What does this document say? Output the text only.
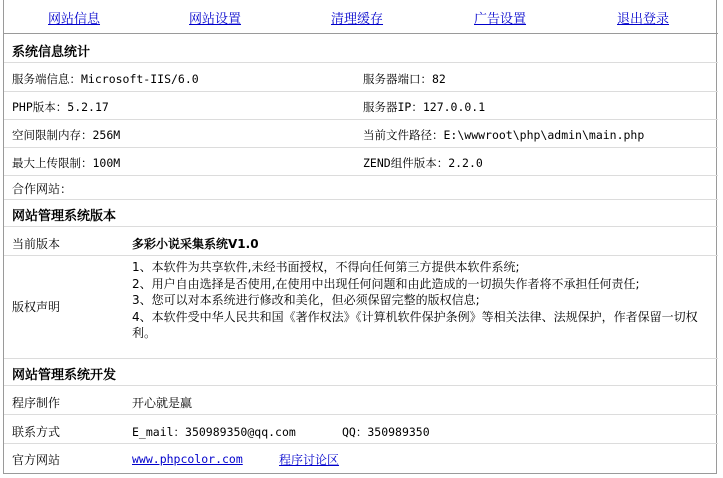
网站信息	网站设置	清理缓存	广告设置	退出登录
系统信息统计
服务端信息：Microsoft-IIS/6.0	服务器端口：82
PHP版本：5.2.17	服务器IP：127.0.0.1
空间限制内存：256M	当前文件路径：E:\wwwroot\php\admin\main.php
最大上传限制：100M	ZEND组件版本：2.2.0
合作网站：
网站管理系统版本
当前版本	多彩小说采集系统V1.0
版权声明
1、本软件为共享软件,未经书面授权，不得向任何第三方提供本软件系统;
2、用户自由选择是否使用,在使用中出现任何问题和由此造成的一切损失作者将不承担任何责任;
3、您可以对本系统进行修改和美化，但必须保留完整的版权信息;
4、本软件受中华人民共和国《著作权法》《计算机软件保护条例》等相关法律、法规保护，作者保留一切权利。
网站管理系统开发
程序制作	开心就是赢
联系方式	E_mail：350989350@qq.com	QQ：350989350
官方网站	www.phpcolor.com	程序讨论区
